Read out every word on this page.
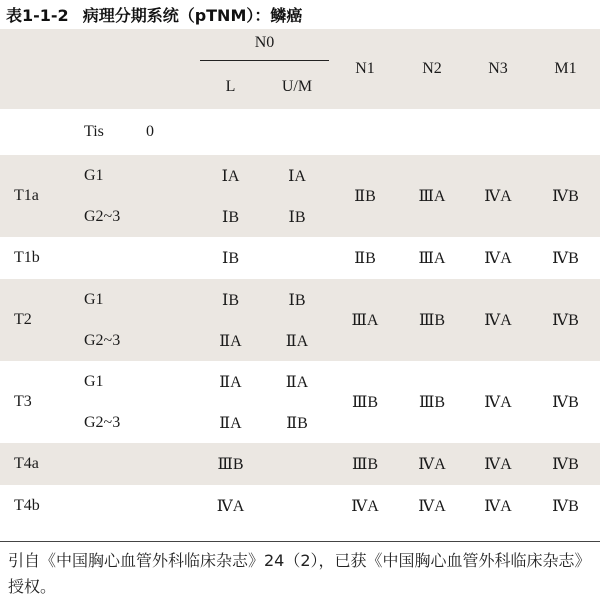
表1-1-2 病理分期系统（pTNM）：鳞癌

		N0		N1	N2	N3	M1
		L	U/M				
	Tis 0						
T1a	G1	ⅠA	ⅠA	ⅡB	ⅢA	ⅣA	ⅣB
	G2~3	ⅠB	ⅠB				
T1b		ⅠB		ⅡB	ⅢA	ⅣA	ⅣB
T2	G1	ⅠB	ⅠB	ⅢA	ⅢB	ⅣA	ⅣB
	G2~3	ⅡA	ⅡA				
T3	G1	ⅡA	ⅡA	ⅢB	ⅢB	ⅣA	ⅣB
	G2~3	ⅡA	ⅡB				
T4a		ⅢB		ⅢB	ⅣA	ⅣA	ⅣB
T4b		ⅣA		ⅣA	ⅣA	ⅣA	ⅣB

引自《中国胸心血管外科临床杂志》24（2），已获《中国胸心血管外科临床杂志》授权。
